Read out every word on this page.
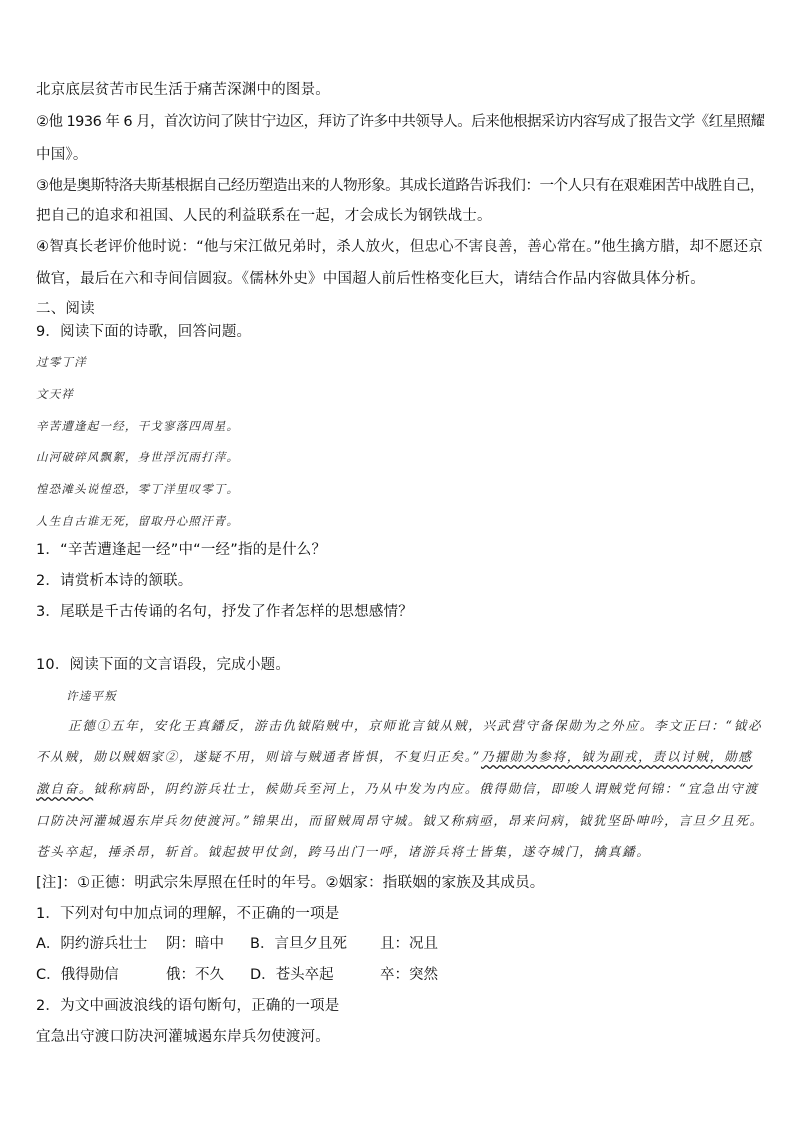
北京底层贫苦市民生活于痛苦深渊中的图景。
②他 1936 年 6 月，首次访问了陕甘宁边区，拜访了许多中共领导人。后来他根据采访内容写成了报告文学《红星照耀
中国》。
③他是奥斯特洛夫斯基根据自己经历塑造出来的人物形象。其成长道路告诉我们：一个人只有在艰难困苦中战胜自己，
把自己的追求和祖国、人民的利益联系在一起，才会成长为钢铁战士。
④智真长老评价他时说：“他与宋江做兄弟时，杀人放火，但忠心不害良善，善心常在。”他生擒方腊，却不愿还京
做官，最后在六和寺间信圆寂。《儒林外史》中国超人前后性格变化巨大，请结合作品内容做具体分析。
二、阅读
9．阅读下面的诗歌，回答问题。
过零丁洋
文天祥
辛苦遭逢起一经，干戈寥落四周星。
山河破碎风飘絮，身世浮沉雨打萍。
惶恐滩头说惶恐，零丁洋里叹零丁。
人生自古谁无死，留取丹心照汗青。
1．“辛苦遭逢起一经”中“一经”指的是什么？
2．请赏析本诗的颔联。
3．尾联是千古传诵的名句，抒发了作者怎样的思想感情？
10．阅读下面的文言语段，完成小题。
许逵平叛
正德①五年，安化王真鐇反，游击仇钺陷贼中，京师讹言钺从贼，兴武营守备保勋为之外应。李文正曰：“钺必
不从贼，勋以贼姻家②，遂疑不用，则谙与贼通者皆惧，不复归正矣。”乃擢勋为参将，钺为副戎，责以讨贼，勋感
激自奋。钺称病卧，阴约游兵壮士，候勋兵至河上，乃从中发为内应。俄得勋信，即唆人谓贼党何锦：“宜急出守渡
口防决河灌城遏东岸兵勿使渡河。”锦果出，而留贼周昂守城。钺又称病亟，昂来问病，钺犹坚卧呻吟，言旦夕且死。
苍头卒起，捶杀昂，斩首。钺起披甲仗剑，跨马出门一呼，诸游兵将士皆集，遂夺城门，擒真鐇。
[注]：①正德：明武宗朱厚照在任时的年号。②姻家：指联姻的家族及其成员。
1．下列对句中加点词的理解，不正确的一项是
A．阴约游兵壮士 阴：暗中 B．言旦夕且死 且：况且
C．俄得勋信	俄：不久 D．苍头卒起	卒：突然
2．为文中画波浪线的语句断句，正确的一项是
宜急出守渡口防决河灌城遏东岸兵勿使渡河。
